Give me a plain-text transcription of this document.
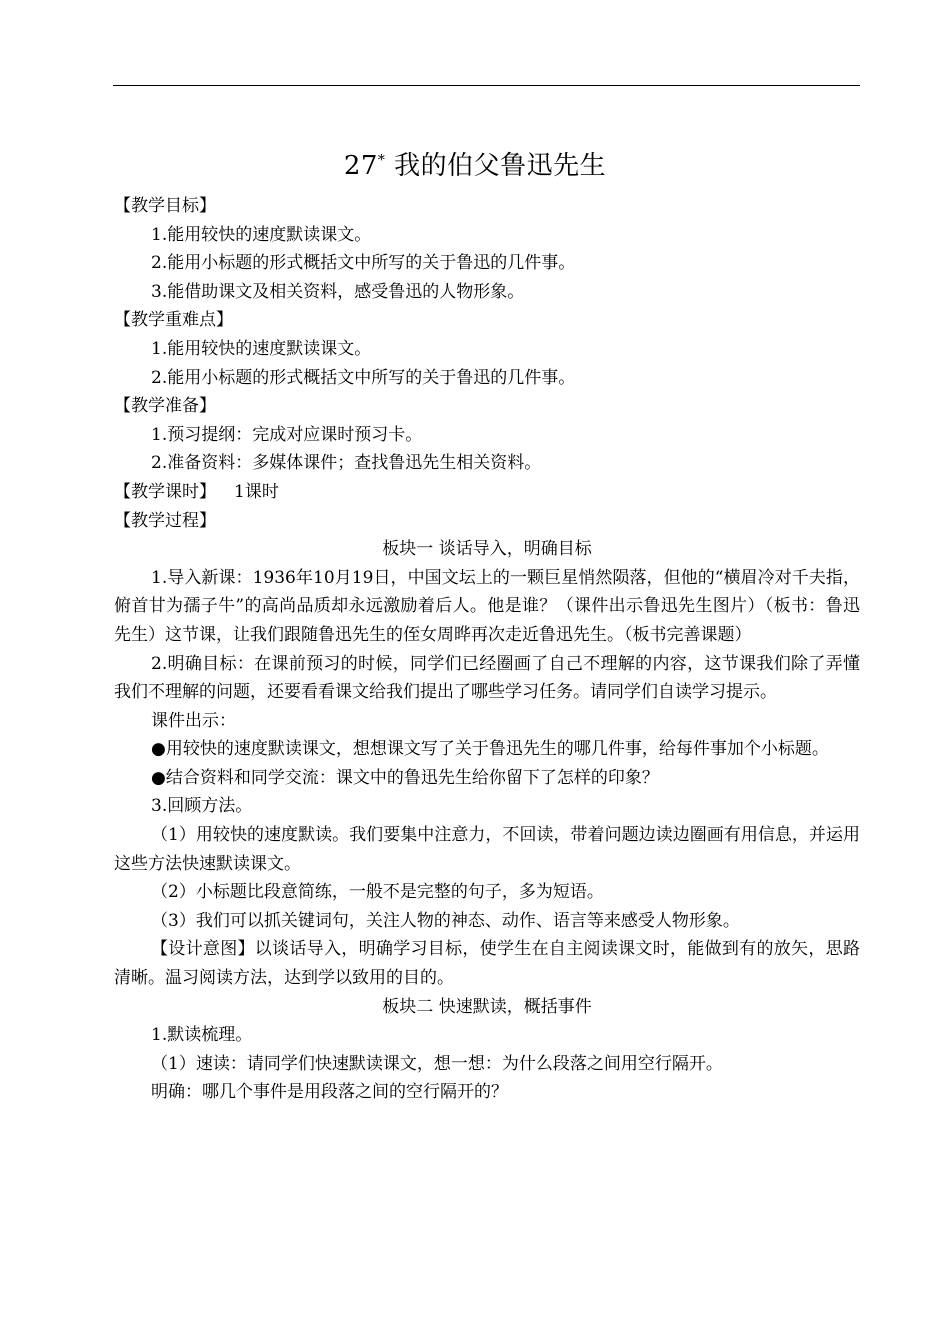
27* 我的伯父鲁迅先生

【教学目标】

1.能用较快的速度默读课文。

2.能用小标题的形式概括文中所写的关于鲁迅的几件事。

3.能借助课文及相关资料，感受鲁迅的人物形象。

【教学重难点】

1.能用较快的速度默读课文。

2.能用小标题的形式概括文中所写的关于鲁迅的几件事。

【教学准备】

1.预习提纲：完成对应课时预习卡。

2.准备资料：多媒体课件；查找鲁迅先生相关资料。

【教学课时】 1课时

【教学过程】

板块一 谈话导入，明确目标

1.导入新课：1936年10月19日，中国文坛上的一颗巨星悄然陨落，但他的“横眉冷对千夫指，俯首甘为孺子牛”的高尚品质却永远激励着后人。他是谁？（课件出示鲁迅先生图片）（板书：鲁迅先生）这节课，让我们跟随鲁迅先生的侄女周晔再次走近鲁迅先生。（板书完善课题）

2.明确目标：在课前预习的时候，同学们已经圈画了自己不理解的内容，这节课我们除了弄懂我们不理解的问题，还要看看课文给我们提出了哪些学习任务。请同学们自读学习提示。

课件出示：

●用较快的速度默读课文，想想课文写了关于鲁迅先生的哪几件事，给每件事加个小标题。

●结合资料和同学交流：课文中的鲁迅先生给你留下了怎样的印象？

3.回顾方法。

（1）用较快的速度默读。我们要集中注意力，不回读，带着问题边读边圈画有用信息，并运用这些方法快速默读课文。

（2）小标题比段意简练，一般不是完整的句子，多为短语。

（3）我们可以抓关键词句，关注人物的神态、动作、语言等来感受人物形象。

【设计意图】以谈话导入，明确学习目标，使学生在自主阅读课文时，能做到有的放矢，思路清晰。温习阅读方法，达到学以致用的目的。

板块二 快速默读，概括事件

1.默读梳理。

（1）速读：请同学们快速默读课文，想一想：为什么段落之间用空行隔开。

明确：哪几个事件是用段落之间的空行隔开的？
